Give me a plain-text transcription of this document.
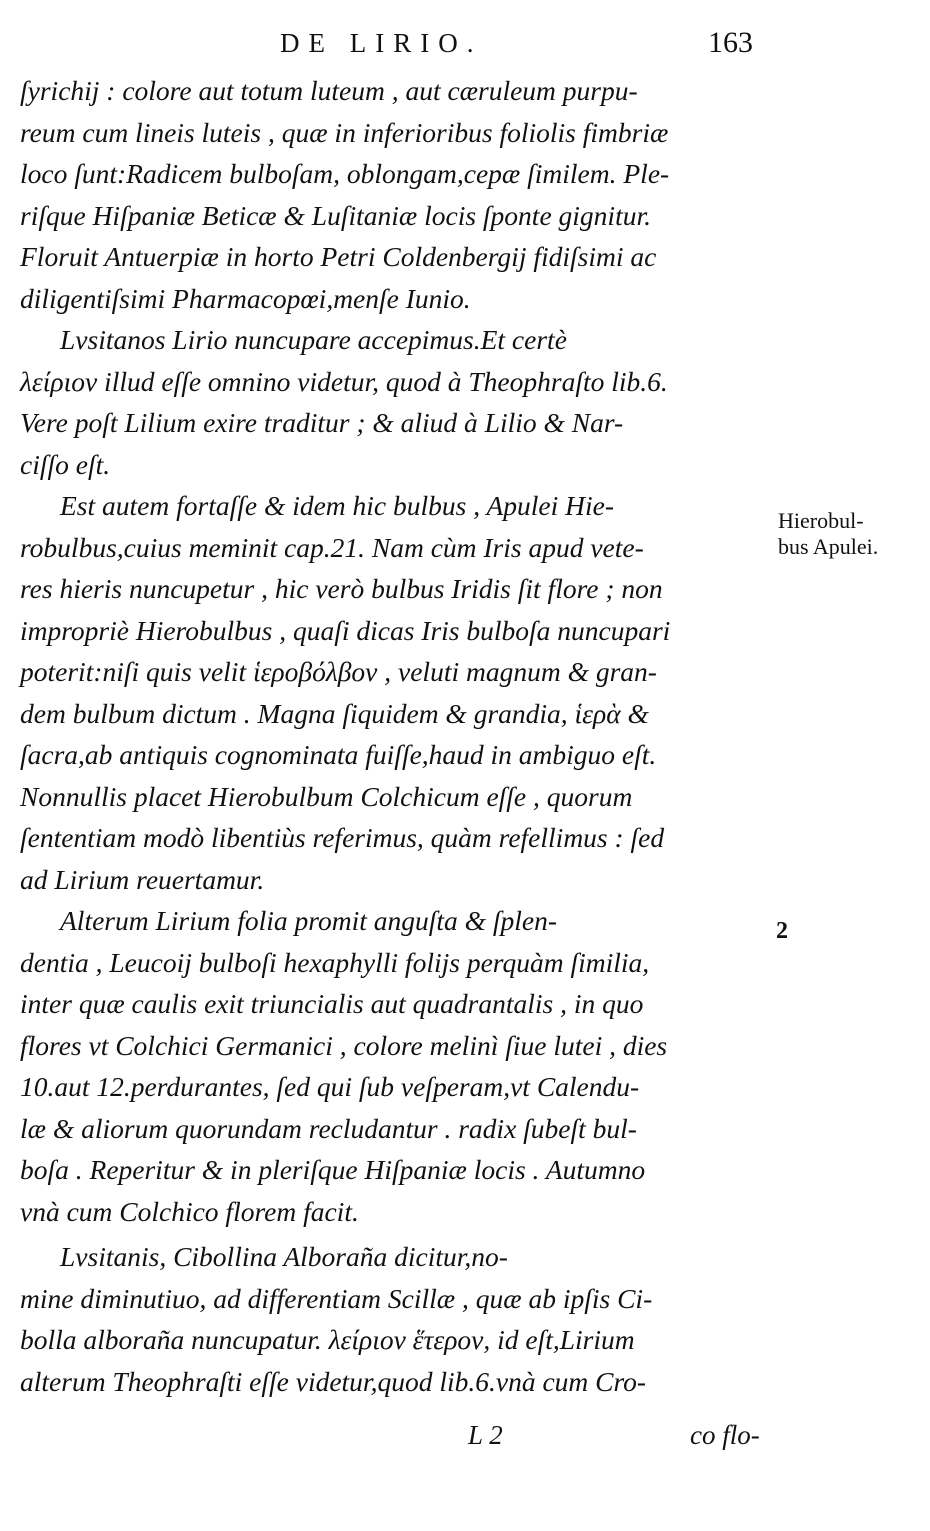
DE LIRIO.	163
ſyrichij : colore aut totum luteum , aut cæruleum purpu-
reum cum lineis luteis , quæ in inferioribus foliolis fimbriæ
loco ſunt:Radicem bulboſam, oblongam,cepæ ſimilem. Ple-
riſque Hiſpaniæ Beticæ & Luſitaniæ locis ſponte gignitur.
Floruit Antuerpiæ in horto Petri Coldenbergij fidiſsimi ac
diligentiſsimi Pharmacopœi,menſe Iunio.
Lvsitanos Lirio nuncupare accepimus.Et certè
λείριον illud eſſe omnino videtur, quod à Theophraſto lib.6.
Vere poſt Lilium exire traditur ; & aliud à Lilio & Nar-
ciſſo eſt.
Est autem fortaſſe & idem hic bulbus , Apulei Hie-
robulbus,cuius meminit cap.21. Nam cùm Iris apud vete-
res hieris nuncupetur , hic verò bulbus Iridis ſit flore ; non
impropriè Hierobulbus , quaſi dicas Iris bulboſa nuncupari
poterit:niſi quis velit ἱεροβόλβον , veluti magnum & gran-
dem bulbum dictum . Magna ſiquidem & grandia, ἱερὰ &
ſacra,ab antiquis cognominata fuiſſe,haud in ambiguo eſt.
Nonnullis placet Hierobulbum Colchicum eſſe , quorum
ſententiam modò libentiùs referimus, quàm refellimus : ſed
ad Lirium reuertamur.
Alterum Lirium folia promit anguſta & ſplen-
dentia , Leucoij bulboſi hexaphylli folijs perquàm ſimilia,
inter quæ caulis exit triuncialis aut quadrantalis , in quo
flores vt Colchici Germanici , colore melinì ſiue lutei , dies
10.aut 12.perdurantes, ſed qui ſub veſperam,vt Calendu-
læ & aliorum quorundam recludantur . radix ſubeſt bul-
boſa . Reperitur & in pleriſque Hiſpaniæ locis . Autumno
vnà cum Colchico florem facit.
Lvsitanis, Cibollina Alborañа dicitur,no-
mine diminutiuo, ad differentiam Scillæ , quæ ab ipſis Ci-
bolla alborañа nuncupatur. λείριον ἕτερον, id eſt,Lirium
alterum Theophraſti eſſe videtur,quod lib.6.vnà cum Cro-
Hierobul-
bus Apulei.
2
L 2	co flo-
